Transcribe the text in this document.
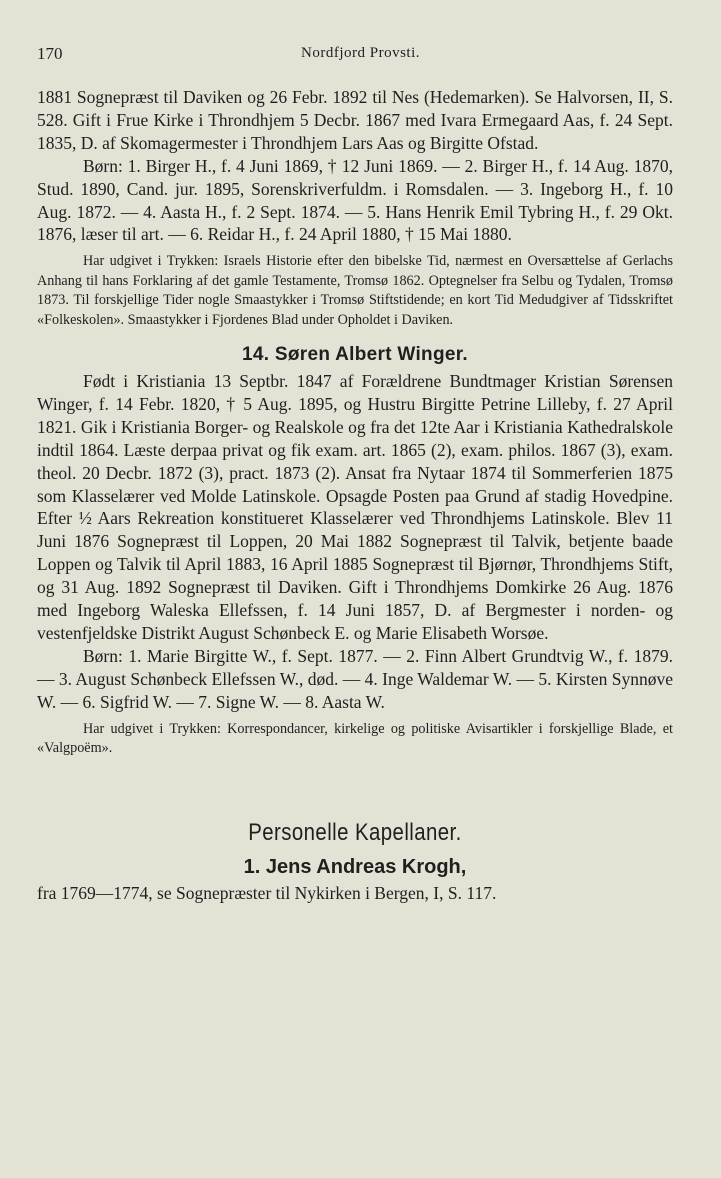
170	Nordfjord Provsti.

1881 Sognepræst til Daviken og 26 Febr. 1892 til Nes (Hedemarken). Se Halvorsen, II, S. 528. Gift i Frue Kirke i Throndhjem 5 Decbr. 1867 med Ivara Ermegaard Aas, f. 24 Sept. 1835, D. af Skomagermester i Throndhjem Lars Aas og Birgitte Ofstad.

Børn: 1. Birger H., f. 4 Juni 1869, † 12 Juni 1869. — 2. Birger H., f. 14 Aug. 1870, Stud. 1890, Cand. jur. 1895, Sorenskriverfuldm. i Romsdalen. — 3. Ingeborg H., f. 10 Aug. 1872. — 4. Aasta H., f. 2 Sept. 1874. — 5. Hans Henrik Emil Tybring H., f. 29 Okt. 1876, læser til art. — 6. Reidar H., f. 24 April 1880, † 15 Mai 1880.

Har udgivet i Trykken: Israels Historie efter den bibelske Tid, nærmest en Oversættelse af Gerlachs Anhang til hans Forklaring af det gamle Testamente, Tromsø 1862. Optegnelser fra Selbu og Tydalen, Tromsø 1873. Til forskjellige Tider nogle Smaastykker i Tromsø Stiftstidende; en kort Tid Medudgiver af Tidsskriftet «Folkeskolen». Smaastykker i Fjordenes Blad under Opholdet i Daviken.

14. Søren Albert Winger.

Født i Kristiania 13 Septbr. 1847 af Forældrene Bundtmager Kristian Sørensen Winger, f. 14 Febr. 1820, † 5 Aug. 1895, og Hustru Birgitte Petrine Lilleby, f. 27 April 1821. Gik i Kristiania Borger- og Realskole og fra det 12te Aar i Kristiania Kathedralskole indtil 1864. Læste derpaa privat og fik exam. art. 1865 (2), exam. philos. 1867 (3), exam. theol. 20 Decbr. 1872 (3), pract. 1873 (2). Ansat fra Nytaar 1874 til Sommerferien 1875 som Klasselærer ved Molde Latinskole. Opsagde Posten paa Grund af stadig Hovedpine. Efter ½ Aars Rekreation konstitueret Klasselærer ved Throndhjems Latinskole. Blev 11 Juni 1876 Sognepræst til Loppen, 20 Mai 1882 Sognepræst til Talvik, betjente baade Loppen og Talvik til April 1883, 16 April 1885 Sognepræst til Bjørnør, Throndhjems Stift, og 31 Aug. 1892 Sognepræst til Daviken. Gift i Throndhjems Domkirke 26 Aug. 1876 med Ingeborg Waleska Ellefssen, f. 14 Juni 1857, D. af Bergmester i norden- og vestenfjeldske Distrikt August Schønbeck E. og Marie Elisabeth Worsøe.

Børn: 1. Marie Birgitte W., f. Sept. 1877. — 2. Finn Albert Grundtvig W., f. 1879. — 3. August Schønbeck Ellefssen W., død. — 4. Inge Waldemar W. — 5. Kirsten Synnøve W. — 6. Sigfrid W. — 7. Signe W. — 8. Aasta W.

Har udgivet i Trykken: Korrespondancer, kirkelige og politiske Avisartikler i forskjellige Blade, et «Valgpoëm».

Personelle Kapellaner.
1. Jens Andreas Krogh,

fra 1769—1774, se Sognepræster til Nykirken i Bergen, I, S. 117.
